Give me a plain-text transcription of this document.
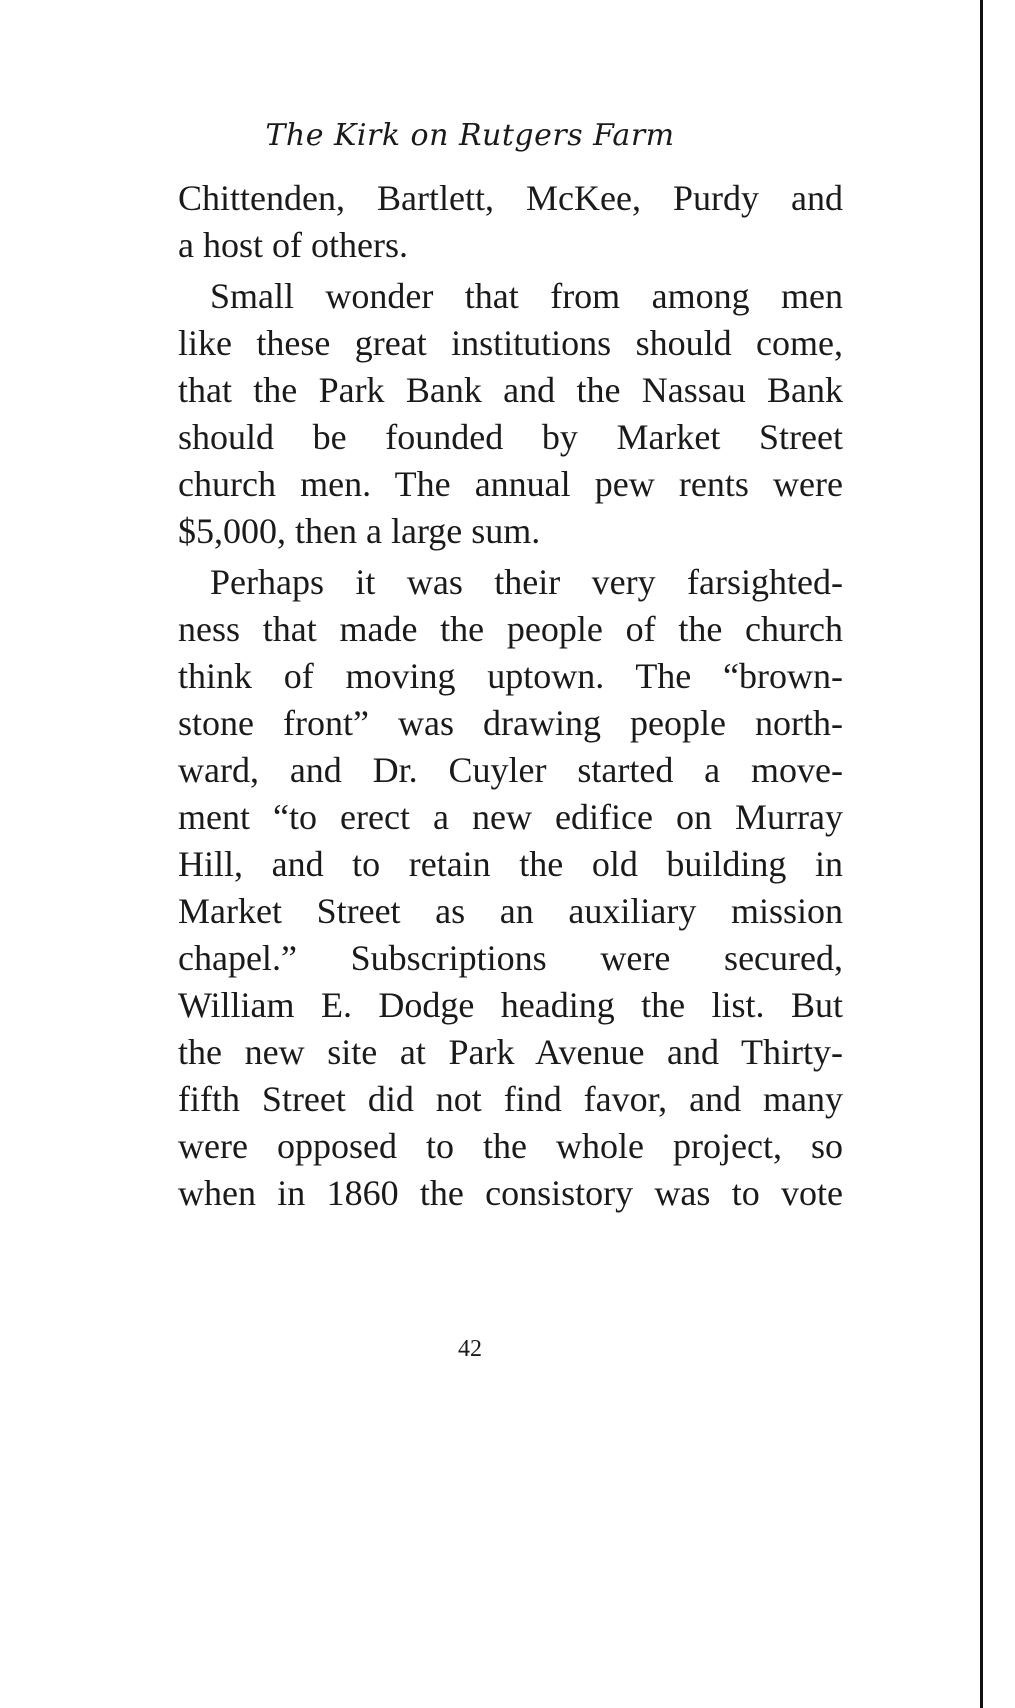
The Kirk on Rutgers Farm
Chittenden, Bartlett, McKee, Purdy and
a host of others.
Small wonder that from among men
like these great institutions should come,
that the Park Bank and the Nassau Bank
should be founded by Market Street
church men. The annual pew rents were
$5,000, then a large sum.
Perhaps it was their very farsighted-
ness that made the people of the church
think of moving uptown. The “brown-
stone front” was drawing people north-
ward, and Dr. Cuyler started a move-
ment “to erect a new edifice on Murray
Hill, and to retain the old building in
Market Street as an auxiliary mission
chapel.” Subscriptions were secured,
William E. Dodge heading the list. But
the new site at Park Avenue and Thirty-
fifth Street did not find favor, and many
were opposed to the whole project, so
when in 1860 the consistory was to vote
42
